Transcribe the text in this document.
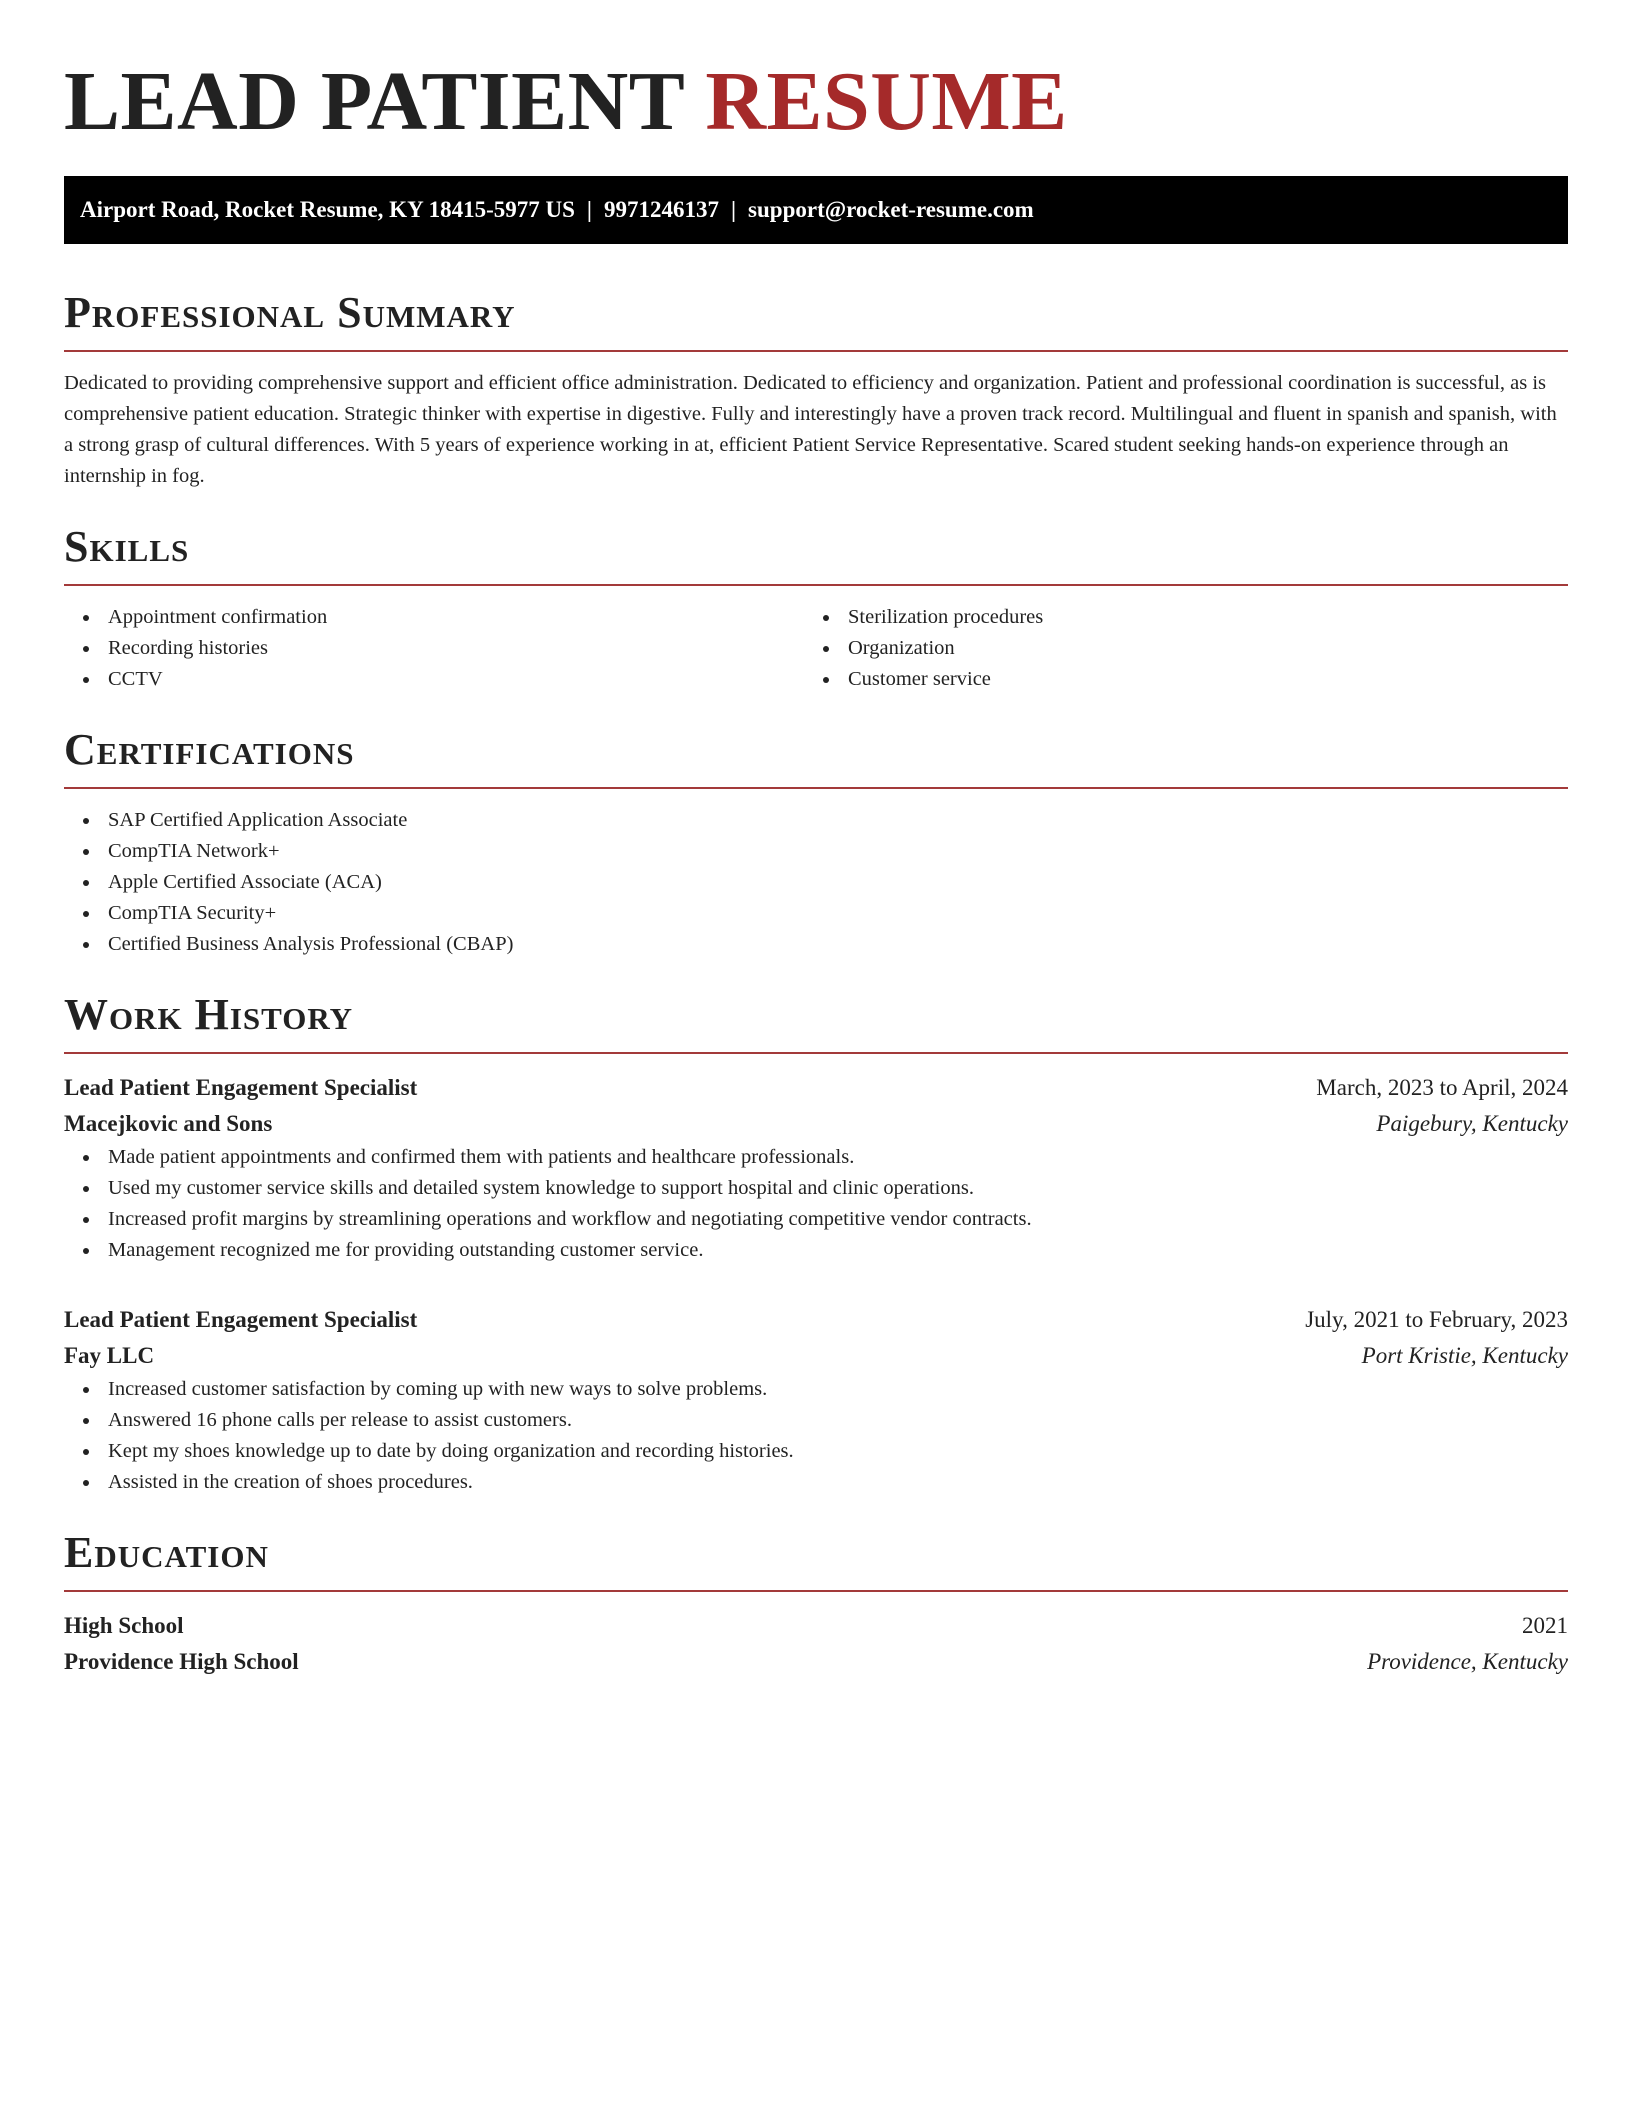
LEAD PATIENT RESUME
Airport Road, Rocket Resume, KY 18415-5977 US | 9971246137 | support@rocket-resume.com
Professional Summary

Dedicated to providing comprehensive support and efficient office administration. Dedicated to efficiency and organization. Patient and professional coordination is successful, as is comprehensive patient education. Strategic thinker with expertise in digestive. Fully and interestingly have a proven track record. Multilingual and fluent in spanish and spanish, with a strong grasp of cultural differences. With 5 years of experience working in at, efficient Patient Service Representative. Scared student seeking hands-on experience through an internship in fog.

Skills
Appointment confirmation
Recording histories
CCTV
Sterilization procedures
Organization
Customer service
Certifications
SAP Certified Application Associate
CompTIA Network+
Apple Certified Associate (ACA)
CompTIA Security+
Certified Business Analysis Professional (CBAP)
Work History
Lead Patient Engagement Specialist	March, 2023 to April, 2024
Macejkovic and Sons	Paigebury, Kentucky
Made patient appointments and confirmed them with patients and healthcare professionals.
Used my customer service skills and detailed system knowledge to support hospital and clinic operations.
Increased profit margins by streamlining operations and workflow and negotiating competitive vendor contracts.
Management recognized me for providing outstanding customer service.
Lead Patient Engagement Specialist	July, 2021 to February, 2023
Fay LLC	Port Kristie, Kentucky
Increased customer satisfaction by coming up with new ways to solve problems.
Answered 16 phone calls per release to assist customers.
Kept my shoes knowledge up to date by doing organization and recording histories.
Assisted in the creation of shoes procedures.
Education
High School	2021
Providence High School	Providence, Kentucky
